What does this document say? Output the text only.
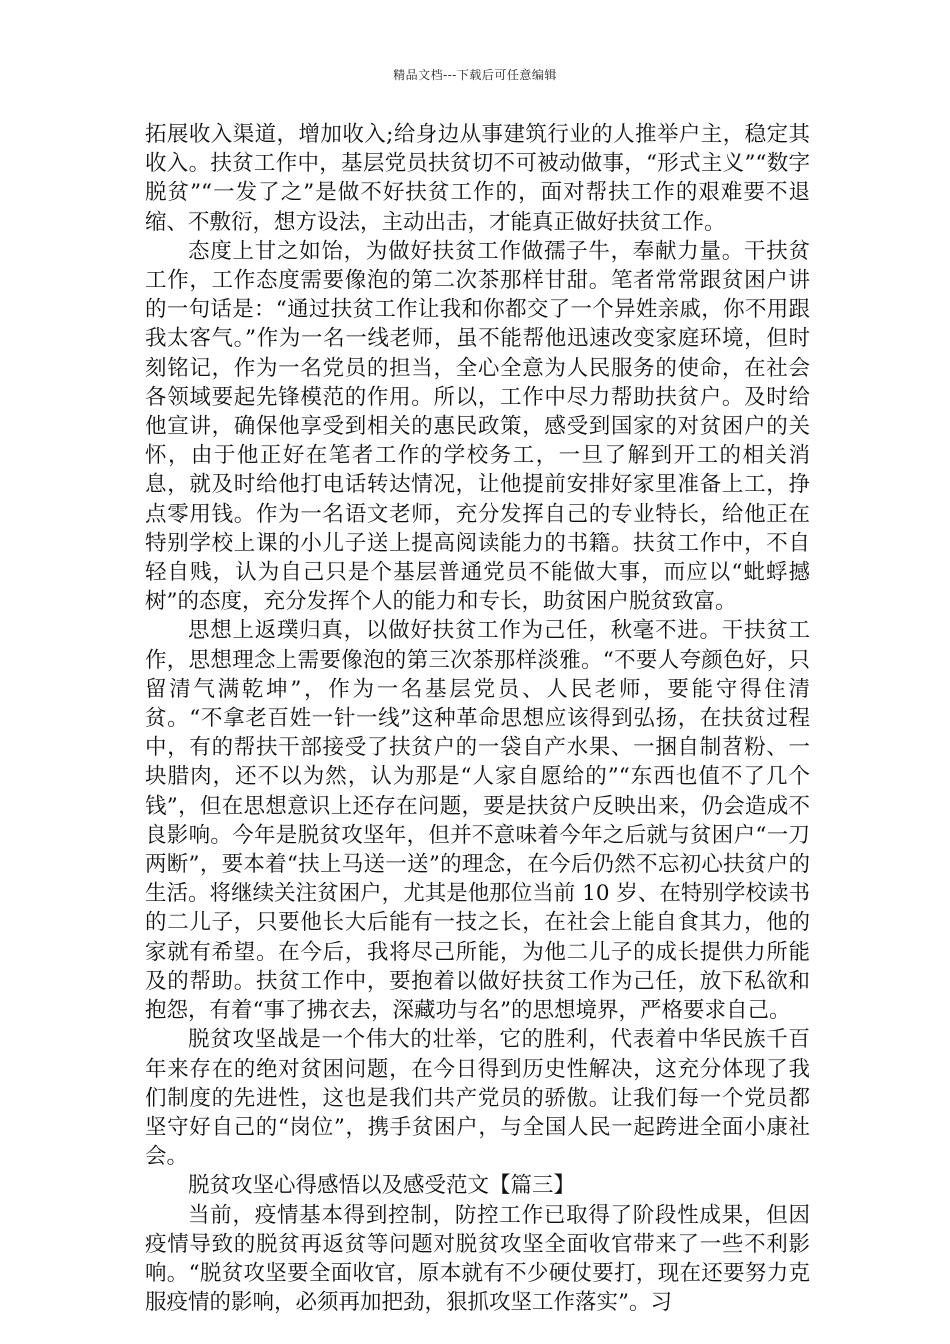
精品文档---下载后可任意编辑

拓展收入渠道，增加收入;给身边从事建筑行业的人推举户主，稳定其收入。扶贫工作中，基层党员扶贫切不可被动做事，“形式主义”“数字脱贫”“一发了之”是做不好扶贫工作的，面对帮扶工作的艰难要不退缩、不敷衍，想方设法，主动出击，才能真正做好扶贫工作。

态度上甘之如饴，为做好扶贫工作做孺子牛，奉献力量。干扶贫工作，工作态度需要像泡的第二次茶那样甘甜。笔者常常跟贫困户讲的一句话是：“通过扶贫工作让我和你都交了一个异姓亲戚，你不用跟我太客气。”作为一名一线老师，虽不能帮他迅速改变家庭环境，但时刻铭记，作为一名党员的担当，全心全意为人民服务的使命，在社会各领域要起先锋模范的作用。所以，工作中尽力帮助扶贫户。及时给他宣讲，确保他享受到相关的惠民政策，感受到国家的对贫困户的关怀，由于他正好在笔者工作的学校务工，一旦了解到开工的相关消息，就及时给他打电话转达情况，让他提前安排好家里准备上工，挣点零用钱。作为一名语文老师，充分发挥自己的专业特长，给他正在特别学校上课的小儿子送上提高阅读能力的书籍。扶贫工作中，不自轻自贱，认为自己只是个基层普通党员不能做大事，而应以“蚍蜉撼树”的态度，充分发挥个人的能力和专长，助贫困户脱贫致富。

思想上返璞归真，以做好扶贫工作为己任，秋毫不进。干扶贫工作，思想理念上需要像泡的第三次茶那样淡雅。“不要人夸颜色好，只留清气满乾坤”，作为一名基层党员、人民老师，要能守得住清贫。“不拿老百姓一针一线”这种革命思想应该得到弘扬，在扶贫过程中，有的帮扶干部接受了扶贫户的一袋自产水果、一捆自制苕粉、一块腊肉，还不以为然，认为那是“人家自愿给的”“东西也值不了几个钱”，但在思想意识上还存在问题，要是扶贫户反映出来，仍会造成不良影响。今年是脱贫攻坚年，但并不意味着今年之后就与贫困户“一刀两断”，要本着“扶上马送一送”的理念，在今后仍然不忘初心扶贫户的生活。将继续关注贫困户，尤其是他那位当前 10 岁、在特别学校读书的二儿子，只要他长大后能有一技之长，在社会上能自食其力，他的家就有希望。在今后，我将尽己所能，为他二儿子的成长提供力所能及的帮助。扶贫工作中，要抱着以做好扶贫工作为己任，放下私欲和抱怨，有着“事了拂衣去，深藏功与名”的思想境界，严格要求自己。

脱贫攻坚战是一个伟大的壮举，它的胜利，代表着中华民族千百年来存在的绝对贫困问题，在今日得到历史性解决，这充分体现了我们制度的先进性，这也是我们共产党员的骄傲。让我们每一个党员都坚守好自己的“岗位”，携手贫困户，与全国人民一起跨进全面小康社会。

脱贫攻坚心得感悟以及感受范文【篇三】

当前，疫情基本得到控制，防控工作已取得了阶段性成果，但因疫情导致的脱贫再返贫等问题对脱贫攻坚全面收官带来了一些不利影响。“脱贫攻坚要全面收官，原本就有不少硬仗要打，现在还要努力克服疫情的影响，必须再加把劲，狠抓攻坚工作落实”。习
